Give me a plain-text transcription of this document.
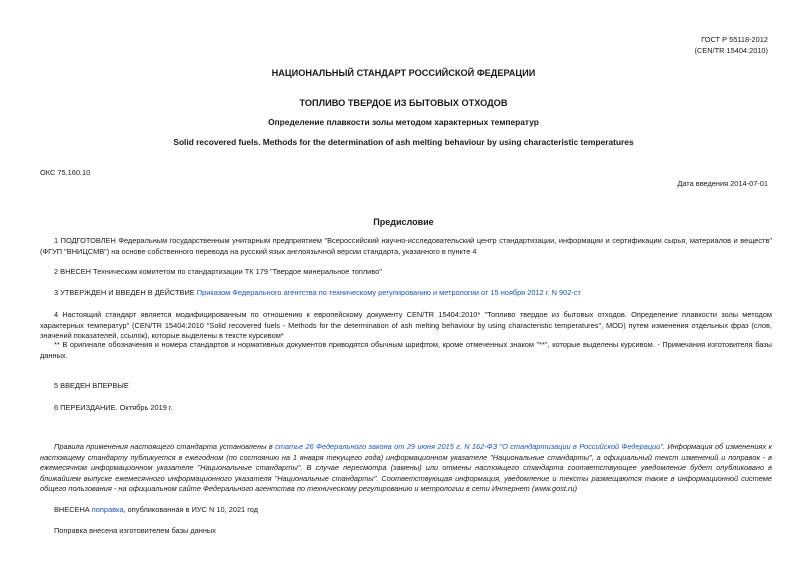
ГОСТ Р 55118-2012
(CEN/TR 15404:2010)
НАЦИОНАЛЬНЫЙ СТАНДАРТ РОССИЙСКОЙ ФЕДЕРАЦИИ
ТОПЛИВО ТВЕРДОЕ ИЗ БЫТОВЫХ ОТХОДОВ
Определение плавкости золы методом характерных температур
Solid recovered fuels. Methods for the determination of ash melting behaviour by using characteristic temperatures
ОКС 75.160.10
Дата введения 2014-07-01
Предисловие
1 ПОДГОТОВЛЕН Федеральным государственным унитарным предприятием "Всероссийский научно-исследовательский центр стандартизации, информации и сертификации сырья, материалов и веществ" (ФГУП "ВНИЦСМВ") на основе собственного перевода на русский язык англоязычной версии стандарта, указанного в пункте 4
2 ВНЕСЕН Техническим комитетом по стандартизации ТК 179 "Твердое минеральное топливо"
3 УТВЕРЖДЕН И ВВЕДЕН В ДЕЙСТВИЕ Приказом Федерального агентства по техническому регулированию и метрологии от 15 ноября 2012 г. N 902-ст
4 Настоящий стандарт является модифицированным по отношению к европейскому документу CEN/TR 15404:2010* "Топливо твердое из бытовых отходов. Определение плавкости золы методом характерных температур" (CEN/TR 15404:2010 "Solid recovered fuels - Methods for the determination of ash melting behaviour by using characteristic temperatures", MOD) путем изменения отдельных фраз (слов, значений показателей, ссылок), которые выделены в тексте курсивом*
** В оригинале обозначения и номера стандартов и нормативных документов приводятся обычным шрифтом, кроме отмеченных знаком "**", которые выделены курсивом. - Примечания изготовителя базы данных.
5 ВВЕДЕН ВПЕРВЫЕ
6 ПЕРЕИЗДАНИЕ. Октябрь 2019 г.
Правила применения настоящего стандарта установлены в статье 26 Федерального закона от 29 июня 2015 г. N 162-ФЗ "О стандартизации в Российской Федерации". Информация об изменениях к настоящему стандарту публикуется в ежегодном (по состоянию на 1 января текущего года) информационном указателе "Национальные стандарты", а официальный текст изменений и поправок - в ежемесячном информационном указателе "Национальные стандарты". В случае пересмотра (замены) или отмены настоящего стандарта соответствующее уведомление будет опубликовано в ближайшем выпуске ежемесячного информационного указателя "Национальные стандарты". Соответствующая информация, уведомление и тексты размещаются также в информационной системе общего пользования - на официальном сайте Федерального агентства по техническому регулированию и метрологии в сети Интернет (www.gost.ru)
ВНЕСЕНА поправка, опубликованная в ИУС N 10, 2021 год
Поправка внесена изготовителем базы данных
